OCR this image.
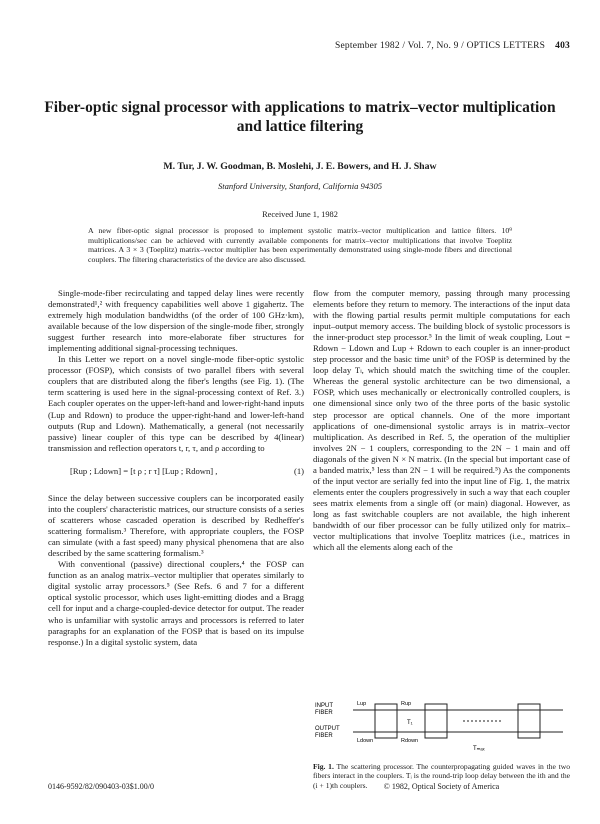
September 1982 / Vol. 7, No. 9 / OPTICS LETTERS 403
Fiber-optic signal processor with applications to matrix–vector multiplication and lattice filtering
M. Tur, J. W. Goodman, B. Moslehi, J. E. Bowers, and H. J. Shaw
Stanford University, Stanford, California 94305
Received June 1, 1982
A new fiber-optic signal processor is proposed to implement systolic matrix–vector multiplication and lattice filters. 10⁹ multiplications/sec can be achieved with currently available components for matrix–vector multiplications that involve Toeplitz matrices. A 3 × 3 (Toeplitz) matrix–vector multiplier has been experimentally demonstrated using single-mode fibers and directional couplers. The filtering characteristics of the device are also discussed.

Single-mode-fiber recirculating and tapped delay lines were recently demonstrated¹,² with frequency capabilities well above 1 gigahertz. The extremely high modulation bandwidths (of the order of 100 GHz·km), available because of the low dispersion of the single-mode fiber, strongly suggest further research into more-elaborate fiber structures for implementing additional signal-processing techniques.

In this Letter we report on a novel single-mode fiber-optic systolic processor (FOSP), which consists of two parallel fibers with several couplers that are distributed along the fiber's lengths (see Fig. 1). (The term scattering is used here in the signal-processing context of Ref. 3.) Each coupler operates on the upper-left-hand and lower-right-hand inputs (Lup and Rdown) to produce the upper-right-hand and lower-left-hand outputs (Rup and Ldown). Mathematically, a general (not necessarily passive) linear coupler of this type can be described by 4(linear) transmission and reflection operators t, r, τ, and ρ according to

[Rup ; Ldown] = [t ρ ; r τ] [Lup ; Rdown] ,	(1)

Since the delay between successive couplers can be incorporated easily into the couplers' characteristic matrices, our structure consists of a series of scatterers whose cascaded operation is described by Redheffer's scattering formalism.³ Therefore, with appropriate couplers, the FOSP can simulate (with a fast speed) many physical phenomena that are also described by the same scattering formalism.³

With conventional (passive) directional couplers,⁴ the FOSP can function as an analog matrix–vector multiplier that operates similarly to digital systolic array processors.⁵ (See Refs. 6 and 7 for a different optical systolic processor, which uses light-emitting diodes and a Bragg cell for input and a charge-coupled-device detector for output. The reader who is unfamiliar with systolic arrays and processors is referred to later paragraphs for an explanation of the FOSP that is based on its impulse response.) In a digital systolic system, data

flow from the computer memory, passing through many processing elements before they return to memory. The interactions of the input data with the flowing partial results permit multiple computations for each input–output memory access. The building block of systolic processors is the inner-product step processor.⁵ In the limit of weak coupling, Lout = Rdown − Ldown and Lup + Rdown to each coupler is an inner-product step processor and the basic time unit⁵ of the FOSP is determined by the loop delay Tₗ, which should match the switching time of the coupler. Whereas the general systolic architecture can be two dimensional, a FOSP, which uses mechanically or electronically controlled couplers, is one dimensional since only two of the three ports of the basic systolic step processor are optical channels. One of the more important applications of one-dimensional systolic arrays is in matrix–vector multiplication. As described in Ref. 5, the operation of the multiplier involves 2N − 1 couplers, corresponding to the 2N − 1 main and off diagonals of the given N × N matrix. (In the special but important case of a banded matrix,⁵ less than 2N − 1 will be required.⁵) As the components of the input vector are serially fed into the input line of Fig. 1, the matrix elements enter the couplers progressively in such a way that each coupler sees matrix elements from a single off (or main) diagonal. However, as long as fast switchable couplers are not available, the high inherent bandwidth of our fiber processor can be fully utilized only for matrix–vector multiplications that involve Toeplitz matrices (i.e., matrices in which all the elements along each of the

INPUT
FIBER
OUTPUT
FIBER
Lup
Ldown
Rup
Rdown
T₁
Tₘₐₓ
Fig. 1. The scattering processor. The counterpropagating guided waves in the two fibers interact in the couplers. Tᵢ is the round-trip loop delay between the ith and the (i + 1)th couplers.
0146-9592/82/090403-03$1.00/0	© 1982, Optical Society of America
